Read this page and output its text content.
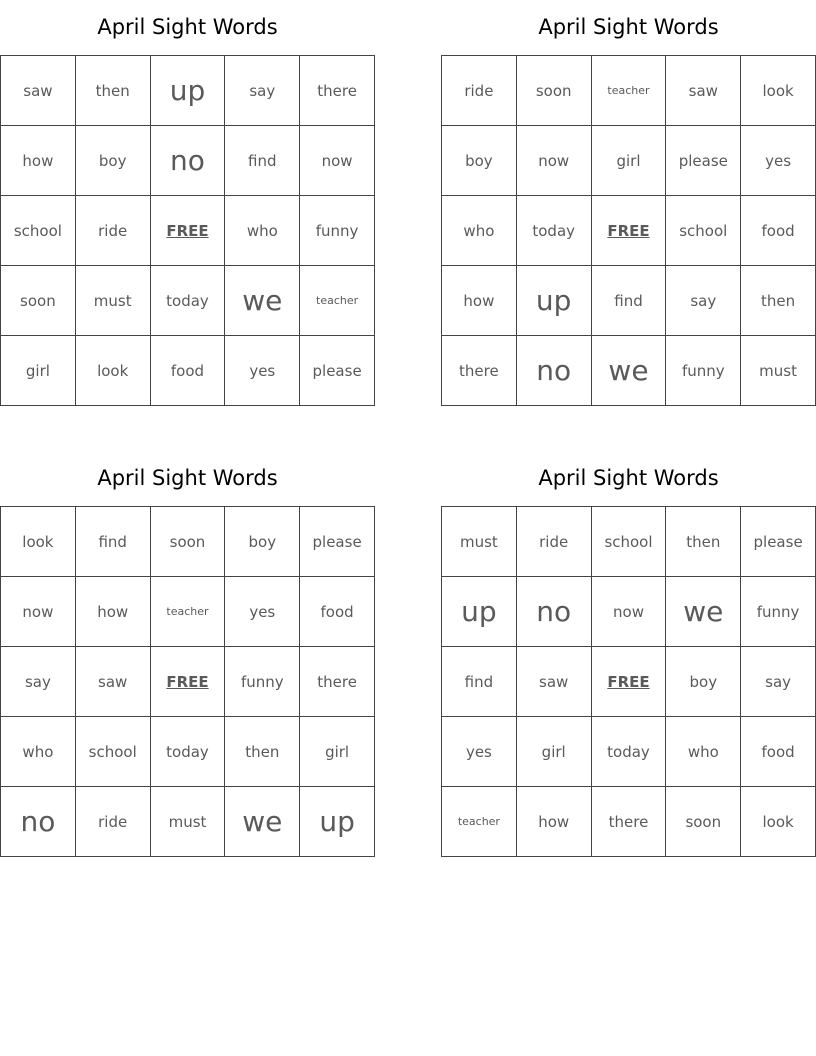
April Sight Words
saw	then	up	say	there
how	boy	no	find	now
school	ride	FREE	who	funny
soon	must	today	we	teacher
girl	look	food	yes	please
April Sight Words
ride	soon	teacher	saw	look
boy	now	girl	please	yes
who	today	FREE	school	food
how	up	find	say	then
there	no	we	funny	must
April Sight Words
look	find	soon	boy	please
now	how	teacher	yes	food
say	saw	FREE	funny	there
who	school	today	then	girl
no	ride	must	we	up
April Sight Words
must	ride	school	then	please
up	no	now	we	funny
find	saw	FREE	boy	say
yes	girl	today	who	food
teacher	how	there	soon	look
